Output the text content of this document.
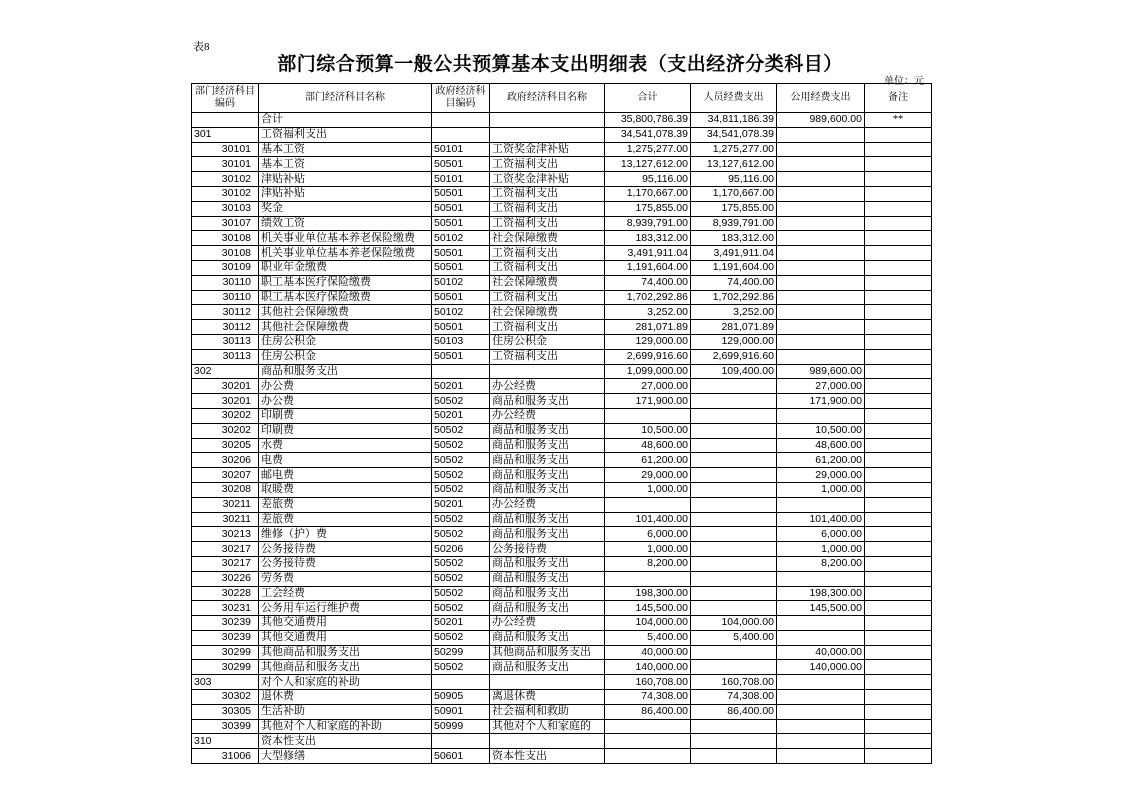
表8
部门综合预算一般公共预算基本支出明细表（支出经济分类科目）
单位：元
部门经济科目编码	部门经济科目名称	政府经济科目编码	政府经济科目名称	合计	人员经费支出	公用经费支出	备注
	合计			35,800,786.39	34,811,186.39	989,600.00	**
301	工资福利支出			34,541,078.39	34,541,078.39		
30101	基本工资	50101	工资奖金津补贴	1,275,277.00	1,275,277.00		
30101	基本工资	50501	工资福利支出	13,127,612.00	13,127,612.00		
30102	津贴补贴	50101	工资奖金津补贴	95,116.00	95,116.00		
30102	津贴补贴	50501	工资福利支出	1,170,667.00	1,170,667.00		
30103	奖金	50501	工资福利支出	175,855.00	175,855.00		
30107	绩效工资	50501	工资福利支出	8,939,791.00	8,939,791.00		
30108	机关事业单位基本养老保险缴费	50102	社会保障缴费	183,312.00	183,312.00		
30108	机关事业单位基本养老保险缴费	50501	工资福利支出	3,491,911.04	3,491,911.04		
30109	职业年金缴费	50501	工资福利支出	1,191,604.00	1,191,604.00		
30110	职工基本医疗保险缴费	50102	社会保障缴费	74,400.00	74,400.00		
30110	职工基本医疗保险缴费	50501	工资福利支出	1,702,292.86	1,702,292.86		
30112	其他社会保障缴费	50102	社会保障缴费	3,252.00	3,252.00		
30112	其他社会保障缴费	50501	工资福利支出	281,071.89	281,071.89		
30113	住房公积金	50103	住房公积金	129,000.00	129,000.00		
30113	住房公积金	50501	工资福利支出	2,699,916.60	2,699,916.60		
302	商品和服务支出			1,099,000.00	109,400.00	989,600.00	
30201	办公费	50201	办公经费	27,000.00		27,000.00	
30201	办公费	50502	商品和服务支出	171,900.00		171,900.00	
30202	印刷费	50201	办公经费				
30202	印刷费	50502	商品和服务支出	10,500.00		10,500.00	
30205	水费	50502	商品和服务支出	48,600.00		48,600.00	
30206	电费	50502	商品和服务支出	61,200.00		61,200.00	
30207	邮电费	50502	商品和服务支出	29,000.00		29,000.00	
30208	取暖费	50502	商品和服务支出	1,000.00		1,000.00	
30211	差旅费	50201	办公经费				
30211	差旅费	50502	商品和服务支出	101,400.00		101,400.00	
30213	维修（护）费	50502	商品和服务支出	6,000.00		6,000.00	
30217	公务接待费	50206	公务接待费	1,000.00		1,000.00	
30217	公务接待费	50502	商品和服务支出	8,200.00		8,200.00	
30226	劳务费	50502	商品和服务支出				
30228	工会经费	50502	商品和服务支出	198,300.00		198,300.00	
30231	公务用车运行维护费	50502	商品和服务支出	145,500.00		145,500.00	
30239	其他交通费用	50201	办公经费	104,000.00	104,000.00		
30239	其他交通费用	50502	商品和服务支出	5,400.00	5,400.00		
30299	其他商品和服务支出	50299	其他商品和服务支出	40,000.00		40,000.00	
30299	其他商品和服务支出	50502	商品和服务支出	140,000.00		140,000.00	
303	对个人和家庭的补助			160,708.00	160,708.00		
30302	退休费	50905	离退休费	74,308.00	74,308.00		
30305	生活补助	50901	社会福利和救助	86,400.00	86,400.00		
30399	其他对个人和家庭的补助	50999	其他对个人和家庭的				
310	资本性支出						
31006	大型修缮	50601	资本性支出				
